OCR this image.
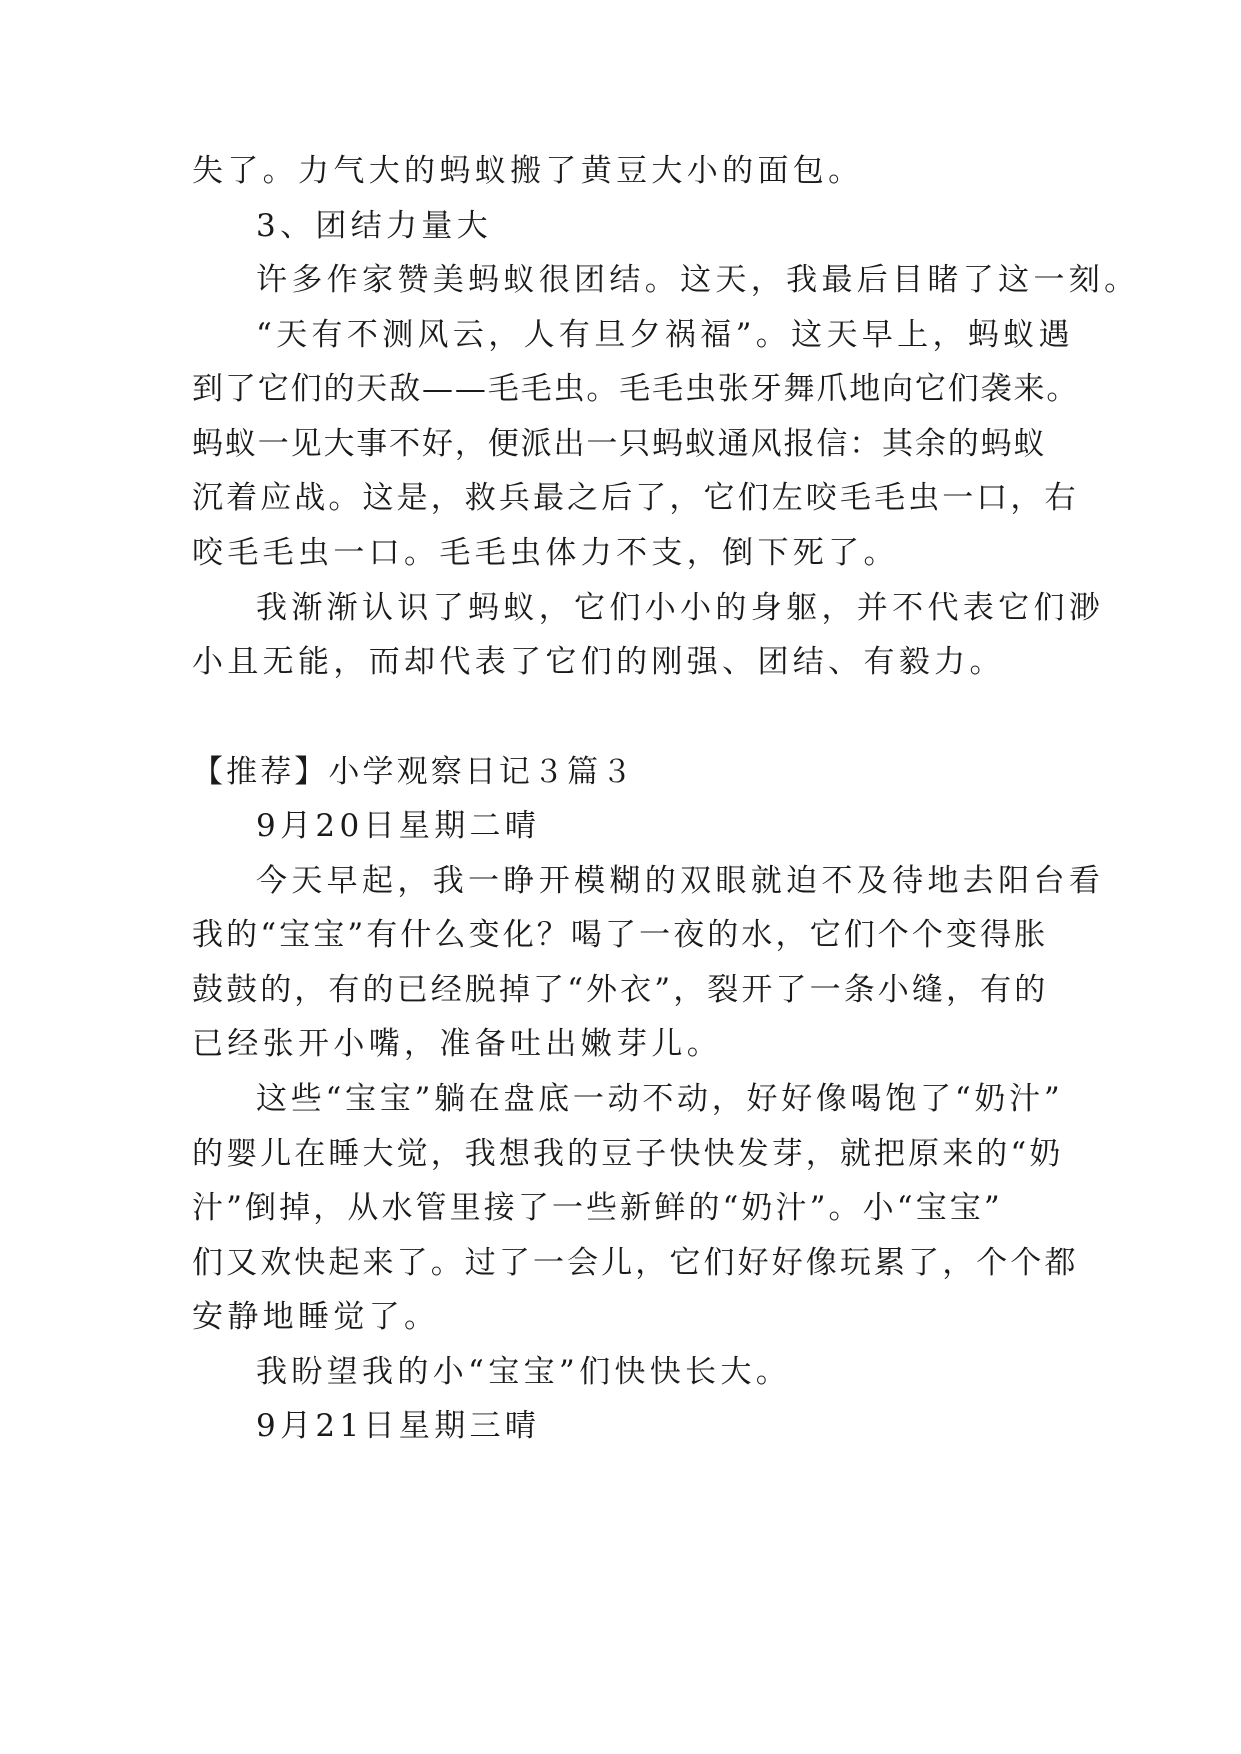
失了。力气大的蚂蚁搬了黄豆大小的面包。

3、团结力量大

许多作家赞美蚂蚁很团结。这天，我最后目睹了这一刻。

“天有不测风云，人有旦夕祸福”。这天早上，蚂蚁遇

到了它们的天敌——毛毛虫。毛毛虫张牙舞爪地向它们袭来。

蚂蚁一见大事不好，便派出一只蚂蚁通风报信：其余的蚂蚁

沉着应战。这是，救兵最之后了，它们左咬毛毛虫一口，右

咬毛毛虫一口。毛毛虫体力不支，倒下死了。

我渐渐认识了蚂蚁，它们小小的身躯，并不代表它们渺

小且无能，而却代表了它们的刚强、团结、有毅力。

【推荐】小学观察日记３篇３

9月20日星期二晴

今天早起，我一睁开模糊的双眼就迫不及待地去阳台看

我的“宝宝”有什么变化？喝了一夜的水，它们个个变得胀

鼓鼓的，有的已经脱掉了“外衣”，裂开了一条小缝，有的

已经张开小嘴，准备吐出嫩芽儿。

这些“宝宝”躺在盘底一动不动，好好像喝饱了“奶汁”

的婴儿在睡大觉，我想我的豆子快快发芽，就把原来的“奶

汁”倒掉，从水管里接了一些新鲜的“奶汁”。小“宝宝”

们又欢快起来了。过了一会儿，它们好好像玩累了，个个都

安静地睡觉了。

我盼望我的小“宝宝”们快快长大。

9月21日星期三晴
